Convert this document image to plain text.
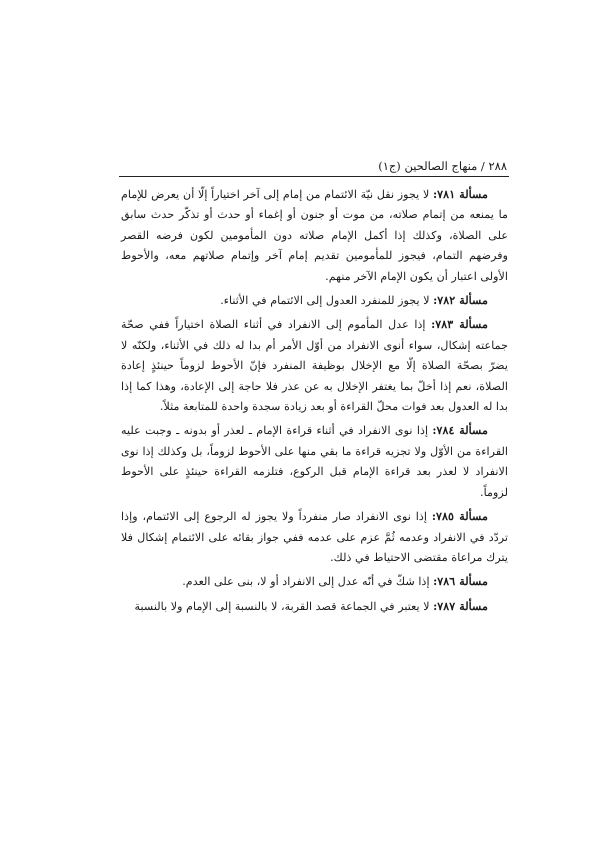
٢٨٨ / منهاج الصالحين (ج١)

مسألة ٧٨١: لا يجوز نقل نيّة الائتمام من إمام إلى آخر اختياراً إلّا أن يعرض للإمام ما يمنعه من إتمام صلاته، من موت أو جنون أو إغماء أو حدث أو تذكّر حدث سابق على الصلاة، وكذلك إذا أكمل الإمام صلاته دون المأمومين لكون فرضه القصر وفرضهم التمام، فيجوز للمأمومين تقديم إمام آخر وإتمام صلاتهم معه، والأحوط الأولى اعتبار أن يكون الإمام الآخر منهم.

مسألة ٧٨٢: لا يجوز للمنفرد العدول إلى الائتمام في الأثناء.

مسألة ٧٨٣: إذا عدل المأموم إلى الانفراد في أثناء الصلاة اختياراً ففي صحّة جماعته إشكال، سواء أنوى الانفراد من أوّل الأمر أم بدا له ذلك في الأثناء، ولكنّه لا يضرّ بصحّة الصلاة إلّا مع الإخلال بوظيفة المنفرد فإنّ الأحوط لزوماً حينئذٍ إعادة الصلاة، نعم إذا أخلّ بما يغتفر الإخلال به عن عذر فلا حاجة إلى الإعادة، وهذا كما إذا بدا له العدول بعد فوات محلّ القراءة أو بعد زيادة سجدة واحدة للمتابعة مثلاً.

مسألة ٧٨٤: إذا نوى الانفراد في أثناء قراءة الإمام ـ لعذر أو بدونه ـ وجبت عليه القراءة من الأوّل ولا تجزيه قراءة ما بقي منها على الأحوط لزوماً، بل وكذلك إذا نوى الانفراد لا لعذر بعد قراءة الإمام قبل الركوع، فتلزمه القراءة حينئذٍ على الأحوط لزوماً.

مسألة ٧٨٥: إذا نوى الانفراد صار منفرداً ولا يجوز له الرجوع إلى الائتمام، وإذا تردّد في الانفراد وعدمه ثُمَّ عزم على عدمه ففي جواز بقائه على الائتمام إشكال فلا يترك مراعاة مقتضى الاحتياط في ذلك.

مسألة ٧٨٦: إذا شكّ في أنّه عدل إلى الانفراد أو لا، بنى على العدم.

مسألة ٧٨٧: لا يعتبر في الجماعة قصد القربة، لا بالنسبة إلى الإمام ولا بالنسبة
